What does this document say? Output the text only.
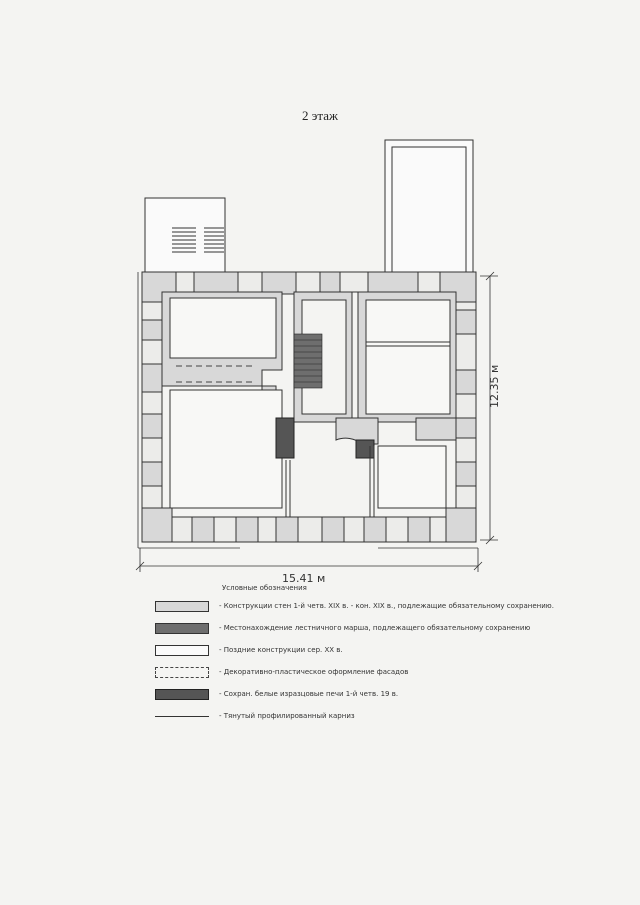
2 этаж
15.41 м
12.35 м
Условные обозначения
- Конструкции стен 1-й четв. XIX в. - кон. XIX в., подлежащие обязательному сохранению.
- Местонахождение лестничного марша, подлежащего обязательному сохранению
- Поздние конструкции сер. XX в.
- Декоративно-пластическое оформление фасадов
- Сохран. белые изразцовые печи 1-й четв. 19 в.
- Тянутый профилированный карниз
